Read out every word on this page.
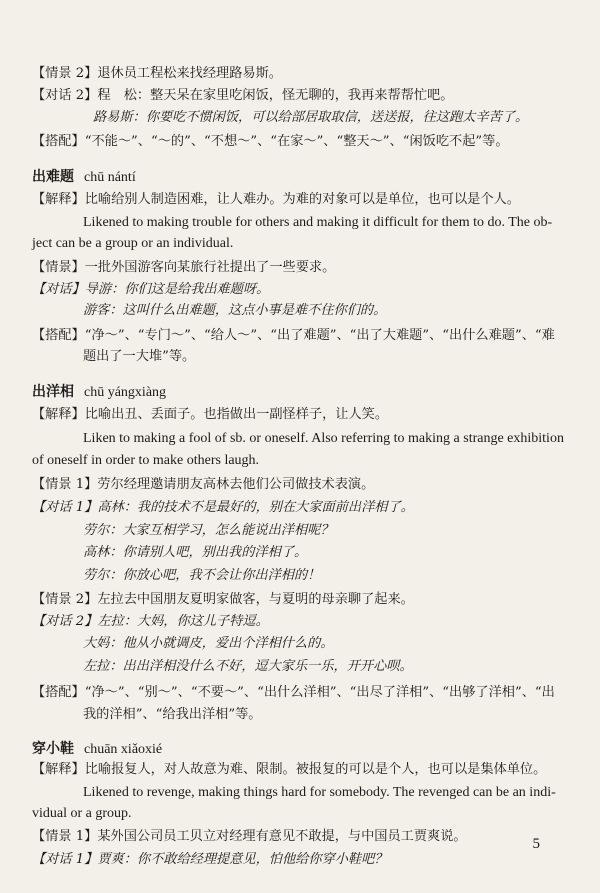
【情景 2】退休员工程松来找经理路易斯。
【对话 2】程　松：整天呆在家里吃闲饭，怪无聊的，我再来帮帮忙吧。
路易斯：你要吃不惯闲饭，可以给部居取取信，送送报，往这跑太辛苦了。
【搭配】“不能～”、“～的”、“不想～”、“在家～”、“整天～”、“闲饭吃不起”等。
出难题 chū nántí
【解释】比喻给别人制造困难，让人难办。为难的对象可以是单位，也可以是个人。
Likened to making trouble for others and making it difficult for them to do. The ob-
ject can be a group or an individual.
【情景】一批外国游客向某旅行社提出了一些要求。
【对话】导游：你们这是给我出难题呀。
游客：这叫什么出难题，这点小事是难不住你们的。
【搭配】“净～”、“专门～”、“给人～”、“出了难题”、“出了大难题”、“出什么难题”、“难
题出了一大堆”等。
出洋相 chū yángxiàng
【解释】比喻出丑、丢面子。也指做出一副怪样子，让人笑。
Liken to making a fool of sb. or oneself. Also referring to making a strange exhibition
of oneself in order to make others laugh.
【情景 1】劳尔经理邀请朋友高林去他们公司做技术表演。
【对话 1】高林：我的技术不是最好的，别在大家面前出洋相了。
劳尔：大家互相学习，怎么能说出洋相呢？
高林：你请别人吧，别出我的洋相了。
劳尔：你放心吧，我不会让你出洋相的！
【情景 2】左拉去中国朋友夏明家做客，与夏明的母亲聊了起来。
【对话 2】左拉：大妈，你这儿子特逗。
大妈：他从小就调皮，爱出个洋相什么的。
左拉：出出洋相没什么不好，逗大家乐一乐，开开心呗。
【搭配】“净～”、“别～”、“不要～”、“出什么洋相”、“出尽了洋相”、“出够了洋相”、“出
我的洋相”、“给我出洋相”等。
穿小鞋 chuān xiǎoxié
【解释】比喻报复人，对人故意为难、限制。被报复的可以是个人，也可以是集体单位。
Likened to revenge, making things hard for somebody. The revenged can be an indi-
vidual or a group.
【情景 1】某外国公司员工贝立对经理有意见不敢提，与中国员工贾爽说。
【对话 1】贾爽：你不敢给经理提意见，怕他给你穿小鞋吧？
5
